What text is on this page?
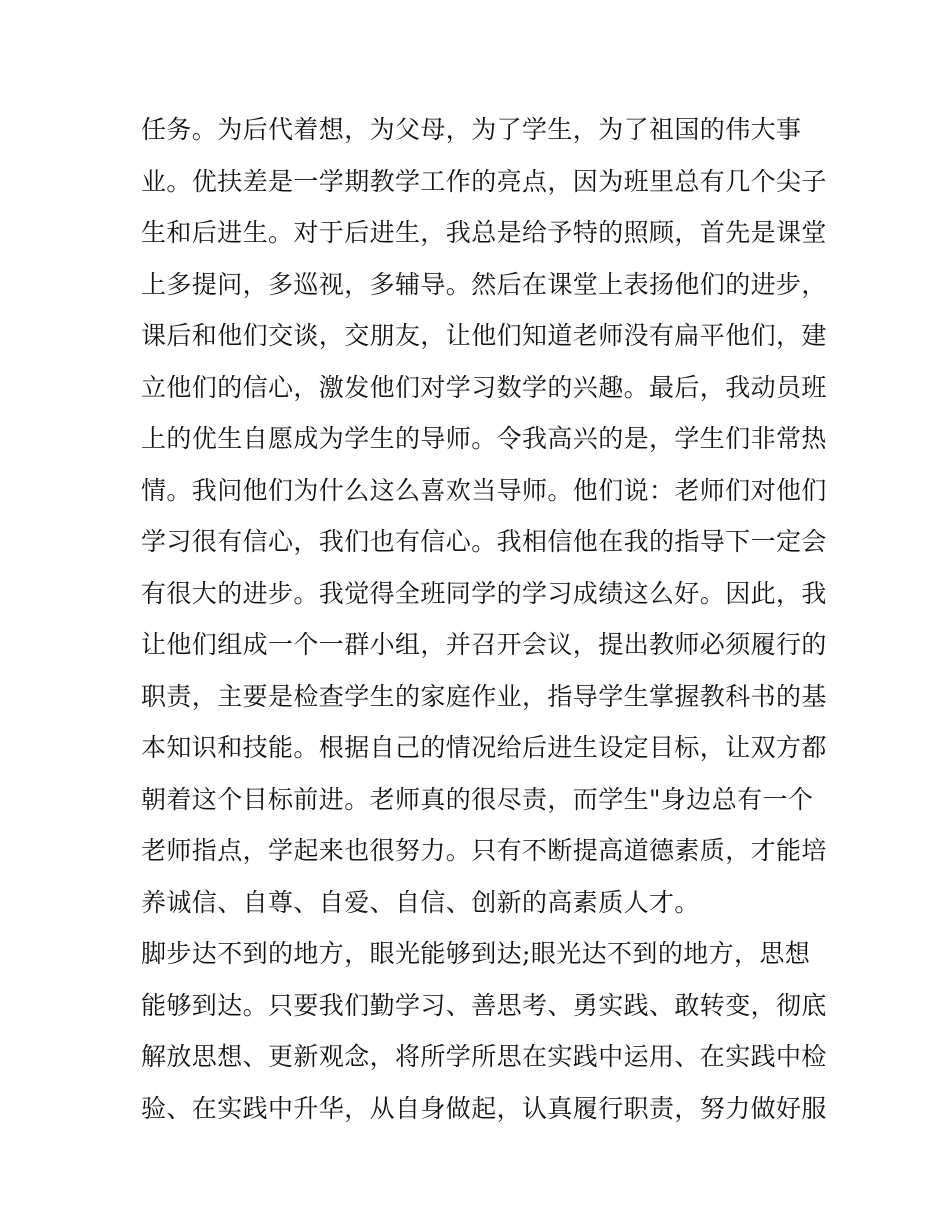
任务。为后代着想，为父母，为了学生，为了祖国的伟大事
业。优扶差是一学期教学工作的亮点，因为班里总有几个尖子
生和后进生。对于后进生，我总是给予特的照顾，首先是课堂
上多提问，多巡视，多辅导。然后在课堂上表扬他们的进步，
课后和他们交谈，交朋友，让他们知道老师没有扁平他们，建
立他们的信心，激发他们对学习数学的兴趣。最后，我动员班
上的优生自愿成为学生的导师。令我高兴的是，学生们非常热
情。我问他们为什么这么喜欢当导师。他们说：老师们对他们
学习很有信心，我们也有信心。我相信他在我的指导下一定会
有很大的进步。我觉得全班同学的学习成绩这么好。因此，我
让他们组成一个一群小组，并召开会议，提出教师必须履行的
职责，主要是检查学生的家庭作业，指导学生掌握教科书的基
本知识和技能。根据自己的情况给后进生设定目标，让双方都
朝着这个目标前进。老师真的很尽责，而学生"身边总有一个
老师指点，学起来也很努力。只有不断提高道德素质，才能培
养诚信、自尊、自爱、自信、创新的高素质人才。
脚步达不到的地方，眼光能够到达;眼光达不到的地方，思想
能够到达。只要我们勤学习、善思考、勇实践、敢转变，彻底
解放思想、更新观念，将所学所思在实践中运用、在实践中检
验、在实践中升华，从自身做起，认真履行职责，努力做好服
